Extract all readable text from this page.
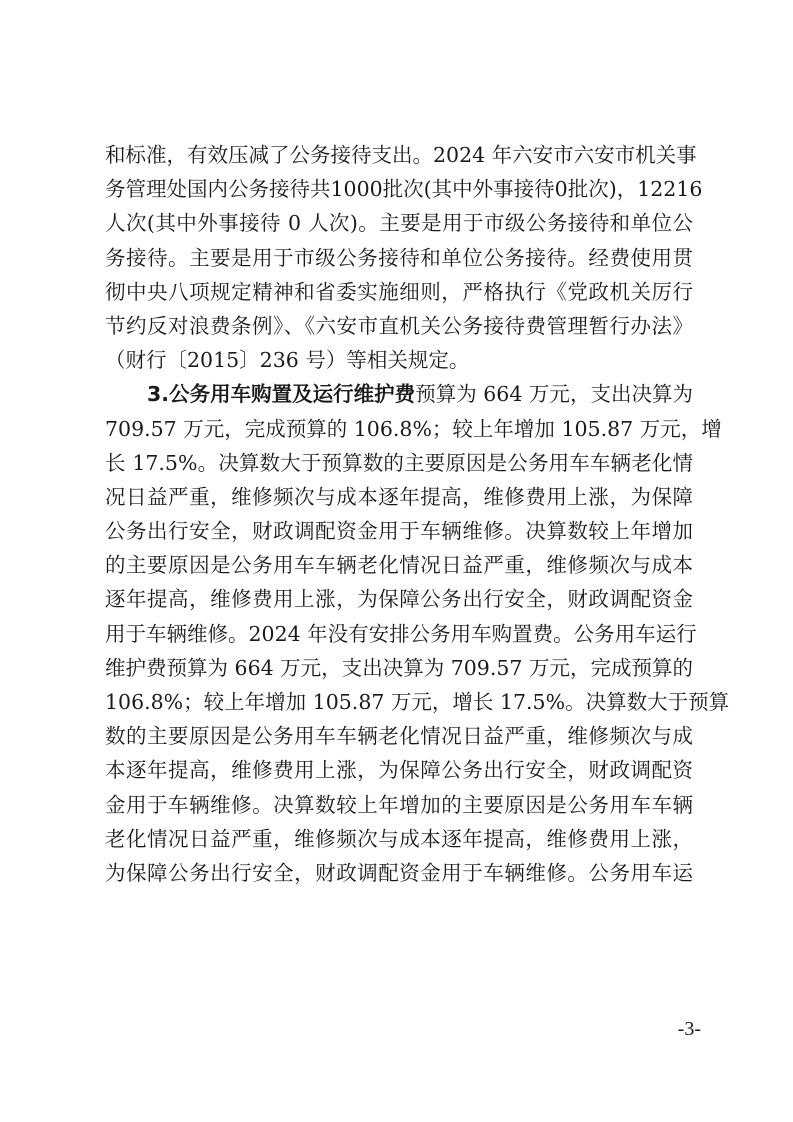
和标准，有效压减了公务接待支出。2024 年六安市六安市机关事
务管理处国内公务接待共1000批次(其中外事接待0批次)，12216
人次(其中外事接待 0 人次)。主要是用于市级公务接待和单位公
务接待。主要是用于市级公务接待和单位公务接待。经费使用贯
彻中央八项规定精神和省委实施细则，严格执行《党政机关厉行
节约反对浪费条例》、《六安市直机关公务接待费管理暂行办法》
（财行〔2015〕236 号）等相关规定。
3.公务用车购置及运行维护费预算为 664 万元，支出决算为
709.57 万元，完成预算的 106.8%；较上年增加 105.87 万元，增
长 17.5%。决算数大于预算数的主要原因是公务用车车辆老化情
况日益严重，维修频次与成本逐年提高，维修费用上涨，为保障
公务出行安全，财政调配资金用于车辆维修。决算数较上年增加
的主要原因是公务用车车辆老化情况日益严重，维修频次与成本
逐年提高，维修费用上涨，为保障公务出行安全，财政调配资金
用于车辆维修。2024 年没有安排公务用车购置费。公务用车运行
维护费预算为 664 万元，支出决算为 709.57 万元，完成预算的
106.8%；较上年增加 105.87 万元，增长 17.5%。决算数大于预算
数的主要原因是公务用车车辆老化情况日益严重，维修频次与成
本逐年提高，维修费用上涨，为保障公务出行安全，财政调配资
金用于车辆维修。决算数较上年增加的主要原因是公务用车车辆
老化情况日益严重，维修频次与成本逐年提高，维修费用上涨，
为保障公务出行安全，财政调配资金用于车辆维修。公务用车运
-3-
